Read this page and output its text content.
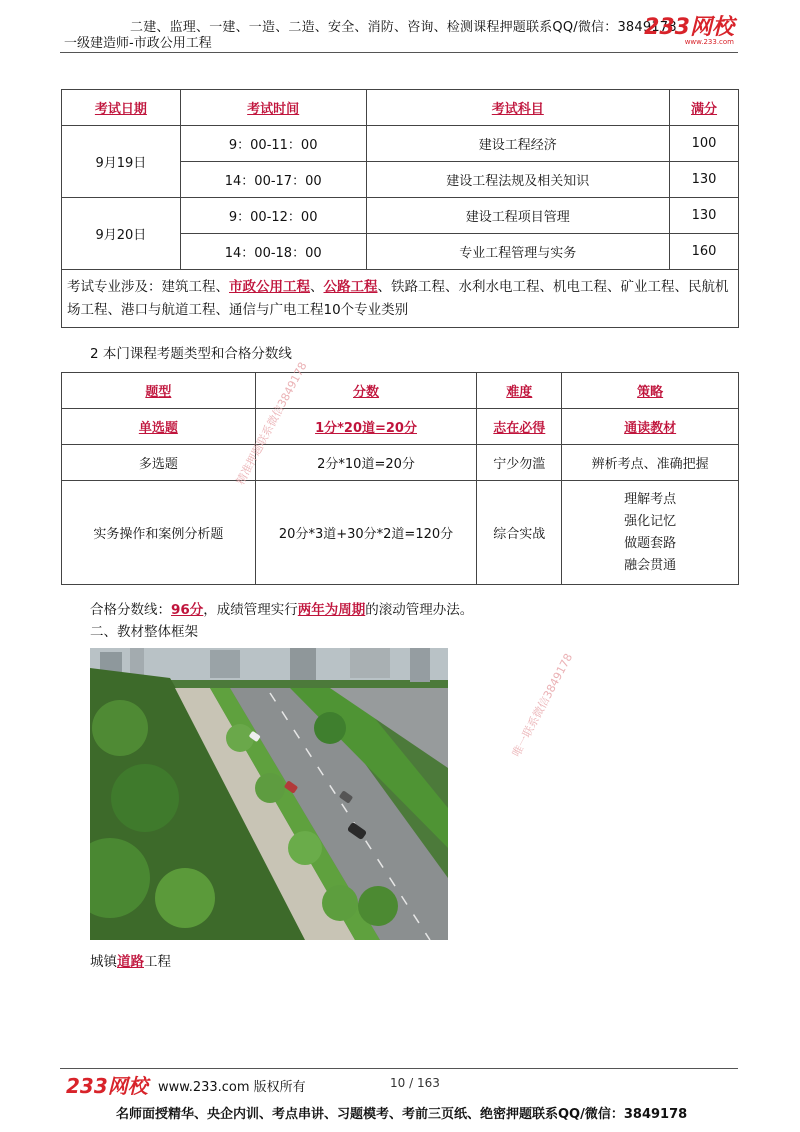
二建、监理、一建、一造、二造、安全、消防、咨询、检测课程押题联系QQ/微信：3849178
一级建造师-市政公用工程
233网校
www.233.com
考试日期	考试时间	考试科目	满分
9月19日	9：00-11：00	建设工程经济	100
	14：00-17：00	建设工程法规及相关知识	130
9月20日	9：00-12：00	建设工程项目管理	130
	14：00-18：00	专业工程管理与实务	160
考试专业涉及：建筑工程、市政公用工程、公路工程、铁路工程、水利水电工程、机电工程、矿业工程、民航机场工程、港口与航道工程、通信与广电工程10个专业类别			
2 本门课程考题类型和合格分数线
题型	分数	难度	策略
单选题	1分*20道=20分	志在必得	通读教材
多选题	2分*10道=20分	宁少勿滥	辨析考点、准确把握
实务操作和案例分析题	20分*3道+30分*2道=120分	综合实战	理解考点
强化记忆
做题套路
融会贯通
合格分数线：96分，成绩管理实行两年为周期的滚动管理办法。
二、教材整体框架
城镇道路工程
精准押题联系微信3849178
唯一联系微信3849178
233网校 www.233.com 版权所有	10 / 163
名师面授精华、央企内训、考点串讲、习题模考、考前三页纸、绝密押题联系QQ/微信：3849178
